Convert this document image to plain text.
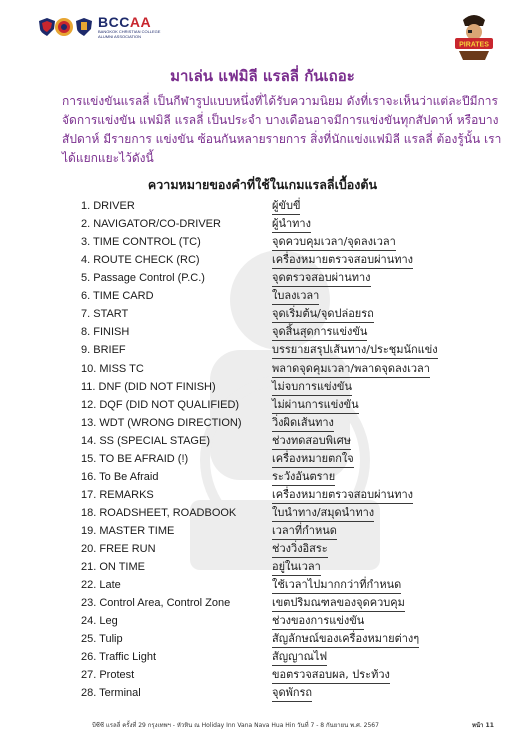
BCCAA
BANGKOK CHRISTIAN COLLEGE ALUMNI ASSOCIATION
PIRATES
มาเล่น แฟมิลี แรลลี่ กันเถอะ

การแข่งขันแรลลี่ เป็นกีฬารูปแบบหนึ่งที่ได้รับความนิยม ดังที่เราจะเห็นว่าแต่ละปีมีการจัดการแข่งขัน แฟมิลี แรลลี่ เป็นประจำ บางเดือนอาจมีการแข่งขันทุกสัปดาห์ หรือบางสัปดาห์ มีรายการ แข่งขัน ซ้อนกันหลายรายการ สิ่งที่นักแข่งแฟมิลี แรลลี่ ต้องรู้นั้น เราได้แยกแยะไว้ดังนี้

ความหมายของคำที่ใช้ในเกมแรลลี่เบื้องต้น
1. DRIVER	ผู้ขับขี่
2. NAVIGATOR/CO-DRIVER	ผู้นำทาง
3. TIME CONTROL (TC)	จุดควบคุมเวลา/จุดลงเวลา
4. ROUTE CHECK (RC)	เครื่องหมายตรวจสอบผ่านทาง
5. Passage Control (P.C.)	จุดตรวจสอบผ่านทาง
6. TIME CARD	ใบลงเวลา
7. START	จุดเริ่มต้น/จุดปล่อยรถ
8. FINISH	จุดสิ้นสุดการแข่งขัน
9. BRIEF	บรรยายสรุปเส้นทาง/ประชุมนักแข่ง
10. MISS TC	พลาดจุดคุมเวลา/พลาดจุดลงเวลา
11. DNF (DID NOT FINISH)	ไม่จบการแข่งขัน
12. DQF (DID NOT QUALIFIED)	ไม่ผ่านการแข่งขัน
13. WDT (WRONG DIRECTION)	วิ่งผิดเส้นทาง
14. SS (SPECIAL STAGE)	ช่วงทดสอบพิเศษ
15. TO BE AFRAID (!)	เครื่องหมายตกใจ
16. To Be Afraid	ระวังอันตราย
17. REMARKS	เครื่องหมายตรวจสอบผ่านทาง
18. ROADSHEET, ROADBOOK	ใบนำทาง/สมุดนำทาง
19. MASTER TIME	เวลาที่กำหนด
20. FREE RUN	ช่วงวิ่งอิสระ
21. ON TIME	อยู่ในเวลา
22. Late	ใช้เวลาไปมากกว่าที่กำหนด
23. Control Area, Control Zone	เขตปริมณฑลของจุดควบคุม
24. Leg	ช่วงของการแข่งขัน
25. Tulip	สัญลักษณ์ของเครื่องหมายต่างๆ
26. Traffic Light	สัญญาณไฟ
27. Protest	ขอตรวจสอบผล, ประท้วง
28. Terminal	จุดพักรถ
บีซีซี แรลลี่ ครั้งที่ 29 กรุงเทพฯ - หัวหิน ณ Holiday Inn Vana Nava Hua Hin วันที่ 7 - 8 กันยายน พ.ศ. 2567	หน้า 11
